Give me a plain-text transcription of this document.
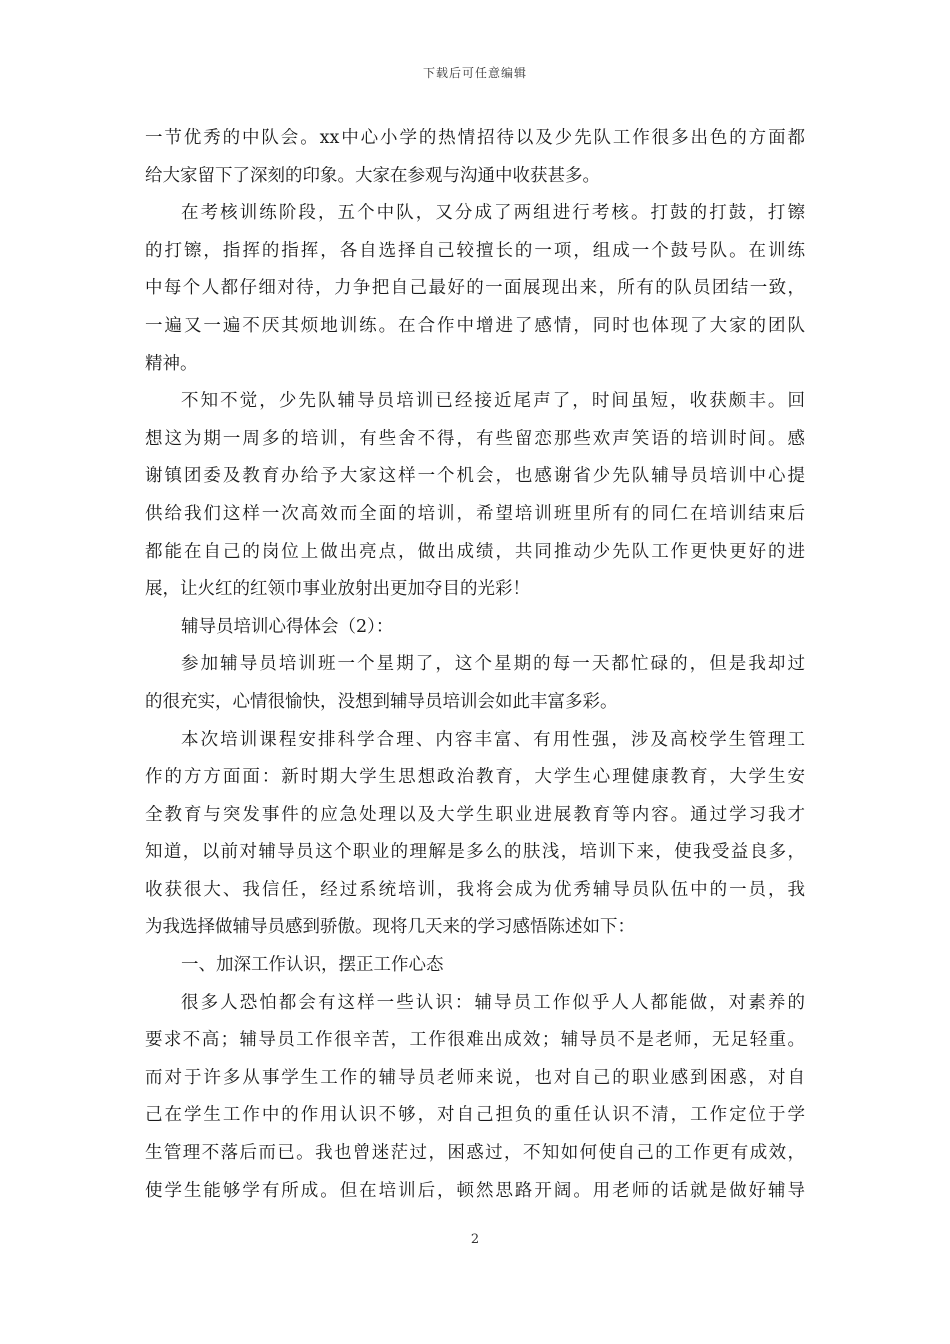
下载后可任意编辑
一节优秀的中队会。xx中心小学的热情招待以及少先队工作很多出色的方面都
给大家留下了深刻的印象。大家在参观与沟通中收获甚多。
在考核训练阶段，五个中队，又分成了两组进行考核。打鼓的打鼓，打镲
的打镲，指挥的指挥，各自选择自己较擅长的一项，组成一个鼓号队。在训练
中每个人都仔细对待，力争把自己最好的一面展现出来，所有的队员团结一致，
一遍又一遍不厌其烦地训练。在合作中增进了感情，同时也体现了大家的团队
精神。
不知不觉，少先队辅导员培训已经接近尾声了，时间虽短，收获颇丰。回
想这为期一周多的培训，有些舍不得，有些留恋那些欢声笑语的培训时间。感
谢镇团委及教育办给予大家这样一个机会，也感谢省少先队辅导员培训中心提
供给我们这样一次高效而全面的培训，希望培训班里所有的同仁在培训结束后
都能在自己的岗位上做出亮点，做出成绩，共同推动少先队工作更快更好的进
展，让火红的红领巾事业放射出更加夺目的光彩！
辅导员培训心得体会（2）：
参加辅导员培训班一个星期了，这个星期的每一天都忙碌的，但是我却过
的很充实，心情很愉快，没想到辅导员培训会如此丰富多彩。
本次培训课程安排科学合理、内容丰富、有用性强，涉及高校学生管理工
作的方方面面：新时期大学生思想政治教育，大学生心理健康教育，大学生安
全教育与突发事件的应急处理以及大学生职业进展教育等内容。通过学习我才
知道，以前对辅导员这个职业的理解是多么的肤浅，培训下来，使我受益良多，
收获很大、我信任，经过系统培训，我将会成为优秀辅导员队伍中的一员，我
为我选择做辅导员感到骄傲。现将几天来的学习感悟陈述如下：
一、加深工作认识，摆正工作心态
很多人恐怕都会有这样一些认识：辅导员工作似乎人人都能做，对素养的
要求不高；辅导员工作很辛苦，工作很难出成效；辅导员不是老师，无足轻重。
而对于许多从事学生工作的辅导员老师来说，也对自己的职业感到困惑，对自
己在学生工作中的作用认识不够，对自己担负的重任认识不清，工作定位于学
生管理不落后而已。我也曾迷茫过，困惑过，不知如何使自己的工作更有成效，
使学生能够学有所成。但在培训后，顿然思路开阔。用老师的话就是做好辅导
2
